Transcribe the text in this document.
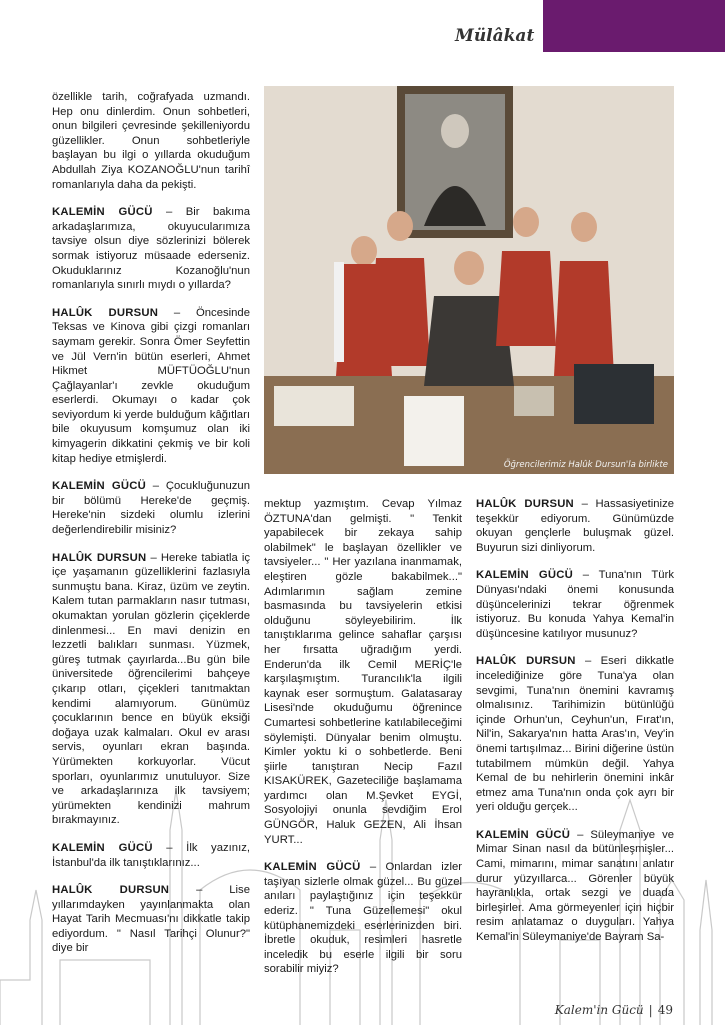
Mülâkat

özellikle tarih, coğrafyada uzmandı. Hep onu dinlerdim. Onun sohbetleri, onun bilgileri çevresinde şekilleniyordu güzellikler. Onun sohbetleriyle başlayan bu ilgi o yıllarda okuduğum Abdullah Ziya KOZANOĞLU'nun tarihî romanlarıyla daha da pekişti.

KALEMİN GÜCÜ – Bir bakıma arkadaşlarımıza, okuyucularımıza tavsiye olsun diye sözlerinizi bölerek sormak istiyoruz müsaade ederseniz. Okuduklarınız Kozanoğlu'nun romanlarıyla sınırlı mıydı o yıllarda?

HALÛK DURSUN – Öncesinde Teksas ve Kinova gibi çizgi romanları saymam gerekir. Sonra Ömer Seyfettin ve Jül Vern'in bütün eserleri, Ahmet Hikmet MÜFTÜOĞLU'nun Çağlayanlar'ı zevkle okuduğum eserlerdi. Okumayı o kadar çok seviyordum ki yerde bulduğum kâğıtları bile okuyusum komşumuz olan iki kimyagerin dikkatini çekmiş ve bir koli kitap hediye etmişlerdi.

KALEMİN GÜCÜ – Çocukluğunuzun bir bölümü Hereke'de geçmiş. Hereke'nin sizdeki olumlu izlerini değerlendirebilir misiniz?

HALÛK DURSUN – Hereke tabiatla iç içe yaşamanın güzelliklerini fazlasıyla sunmuştu bana. Kiraz, üzüm ve zeytin. Kalem tutan parmakların nasır tutması, okumaktan yorulan gözlerin çiçeklerde dinlenmesi... En mavi denizin en lezzetli balıkları sunması. Yüzmek, güreş tutmak çayırlarda...Bu gün bile üniversitede öğrencilerimi bahçeye çıkarıp otları, çiçekleri tanıtmaktan kendimi alamıyorum. Günümüz çocuklarının bence en büyük eksiği doğaya uzak kalmaları. Okul ev arası servis, oyunları ekran başında. Yürümekten korkuyorlar. Vücut sporları, oyunlarımız unutuluyor. Size ve arkadaşlarınıza ilk tavsiyem; yürümekten kendinizi mahrum bırakmayınız.

KALEMİN GÜCÜ – İlk yazınız, İstanbul'da ilk tanıştıklarınız...

HALÛK DURSUN – Lise yıllarımdayken yayınlanmakta olan Hayat Tarih Mecmuası'nı dikkatle takip ediyordum. " Nasıl Tarihçi Olunur?" diye bir

Öğrencilerimiz Halûk Dursun'la birlikte

mektup yazmıştım. Cevap Yılmaz ÖZTUNA'dan gelmişti. " Tenkit yapabilecek bir zekaya sahip olabilmek" le başlayan özellikler ve tavsiyeler... " Her yazılana inanmamak, eleştiren gözle bakabilmek..." Adımlarımın sağlam zemine basmasında bu tavsiyelerin etkisi olduğunu söyleyebilirim. İlk tanıştıklarıma gelince sahaflar çarşısı her fırsatta uğradığım yerdi. Enderun'da ilk Cemil MERİÇ'le karşılaşmıştım. Turancılık'la ilgili kaynak eser sormuştum. Galatasaray Lisesi'nde okuduğumu öğrenince Cumartesi sohbetlerine katılabileceğimi söylemişti. Dünyalar benim olmuştu. Kimler yoktu ki o sohbetlerde. Beni şiirle tanıştıran Necip Fazıl KISAKÜREK, Gazeteciliğe başlamama yardımcı olan M.Şevket EYGİ, Sosyolojiyi onunla sevdiğim Erol GÜNGÖR, Haluk GEZEN, Ali İhsan YURT...

KALEMİN GÜCÜ – Onlardan izler taşıyan sizlerle olmak güzel... Bu güzel anıları paylaştığınız için teşekkür ederiz. " Tuna Güzellemesi" okul kütüphanemizdeki eserlerinizden biri. İbretle okuduk, resimleri hasretle inceledik bu eserle ilgili bir soru sorabilir miyiz?

HALÛK DURSUN – Hassasiyetinize teşekkür ediyorum. Günümüzde okuyan gençlerle buluşmak güzel. Buyurun sizi dinliyorum.

KALEMİN GÜCÜ – Tuna'nın Türk Dünyası'ndaki önemi konusunda düşüncelerinizi tekrar öğrenmek istiyoruz. Bu konuda Yahya Kemal'in düşüncesine katılıyor musunuz?

HALÛK DURSUN – Eseri dikkatle incelediğinize göre Tuna'ya olan sevgimi, Tuna'nın önemini kavramış olmalısınız. Tarihimizin bütünlüğü içinde Orhun'un, Ceyhun'un, Fırat'ın, Nil'in, Sakarya'nın hatta Aras'ın, Vey'in önemi tartışılmaz... Birini diğerine üstün tutabilmem mümkün değil. Yahya Kemal de bu nehirlerin önemini inkâr etmez ama Tuna'nın onda çok ayrı bir yeri olduğu gerçek...

KALEMİN GÜCÜ – Süleymaniye ve Mimar Sinan nasıl da bütünleşmişler... Cami, mimarını, mimar sanatını anlatır durur yüzyıllarca... Görenler büyük hayranlıkla, ortak sezgi ve duada birleşirler. Ama görmeyenler için hiçbir resim anlatamaz o duyguları. Yahya Kemal'in Süleymaniye'de Bayram Sa-

Kalem'in Gücü | 49
